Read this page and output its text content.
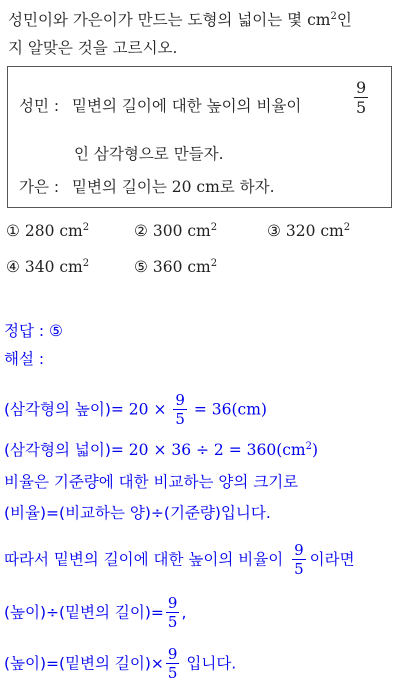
성민이와 가은이가 만드는 도형의 넓이는 몇 $cm^2$인
지 알맞은 것을 고르시오.
성민 : 밑변의 길이에 대한 높이의 비율이	$\frac{9}{5}$
인 삼각형으로 만들자.
가은 : 밑변의 길이는 20 cm로 하자.
① 280 $cm^2$	② 300 $cm^2$	③ 320 $cm^2$
④ 340 $cm^2$	⑤ 360 $cm^2$
정답 : ⑤
해설 :
(삼각형의 높이)= $20 \times \frac{9}{5} = 36(cm)$
(삼각형의 넓이)= $20 \times 36 \div 2 = 360(cm^2)$
비율은 기준량에 대한 비교하는 양의 크기로
(비율)=(비교하는 양)÷(기준량)입니다.
따라서 밑변의 길이에 대한 높이의 비율이 $\frac{9}{5}$ 이라면
(높이)÷(밑변의 길이)= $\frac{9}{5}$ ,
(높이)=(밑변의 길이)× $\frac{9}{5}$ 입니다.
